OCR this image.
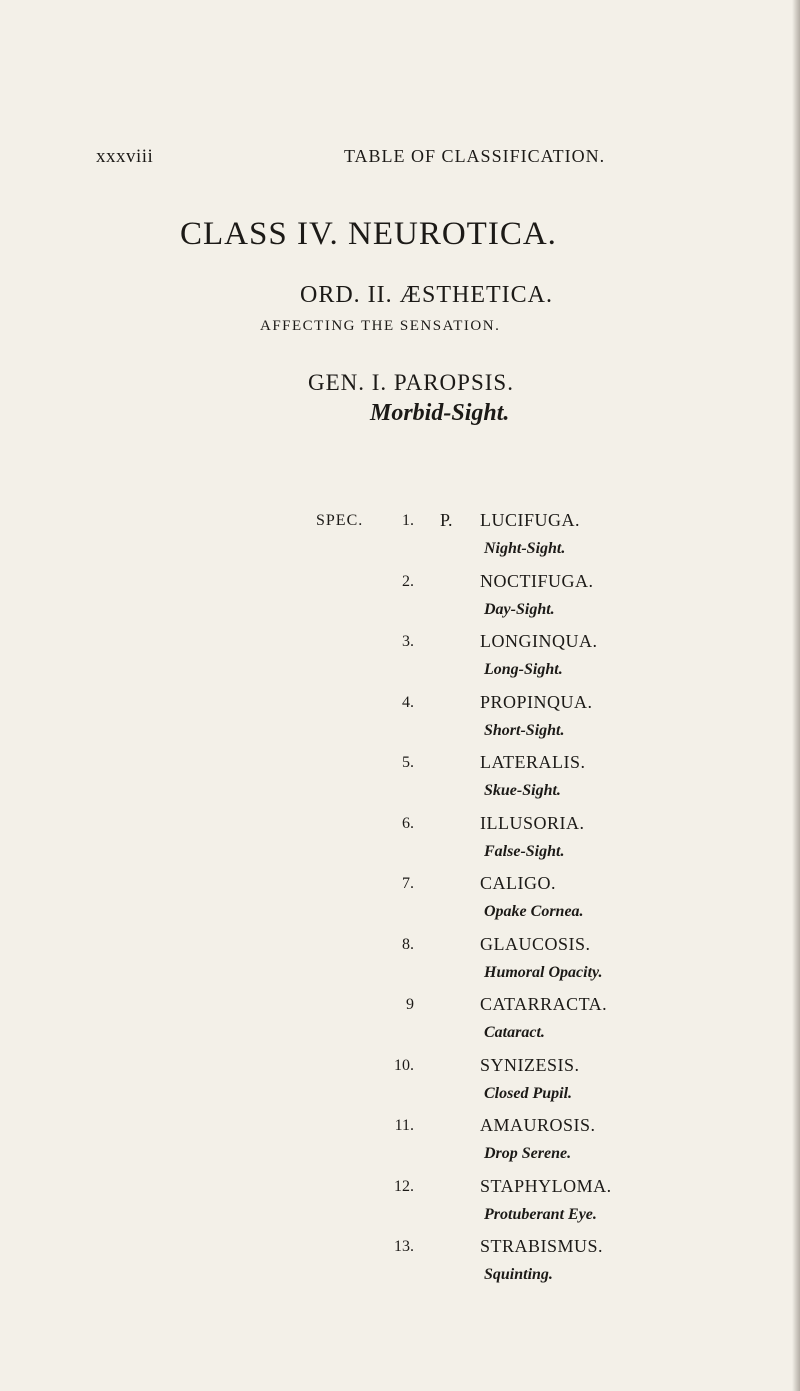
xxxviii	TABLE OF CLASSIFICATION.
CLASS IV. NEUROTICA.
ORD. II. ÆSTHETICA.
AFFECTING THE SENSATION.
GEN. I. PAROPSIS.
Morbid-Sight.
SPEC.	P.
1.	LUCIFUGA.
Night-Sight.
2.	NOCTIFUGA.
Day-Sight.
3.	LONGINQUA.
Long-Sight.
4.	PROPINQUA.
Short-Sight.
5.	LATERALIS.
Skue-Sight.
6.	ILLUSORIA.
False-Sight.
7.	CALIGO.
Opake Cornea.
8.	GLAUCOSIS.
Humoral Opacity.
9	CATARRACTA.
Cataract.
10.	SYNIZESIS.
Closed Pupil.
11.	AMAUROSIS.
Drop Serene.
12.	STAPHYLOMA.
Protuberant Eye.
13.	STRABISMUS.
Squinting.
